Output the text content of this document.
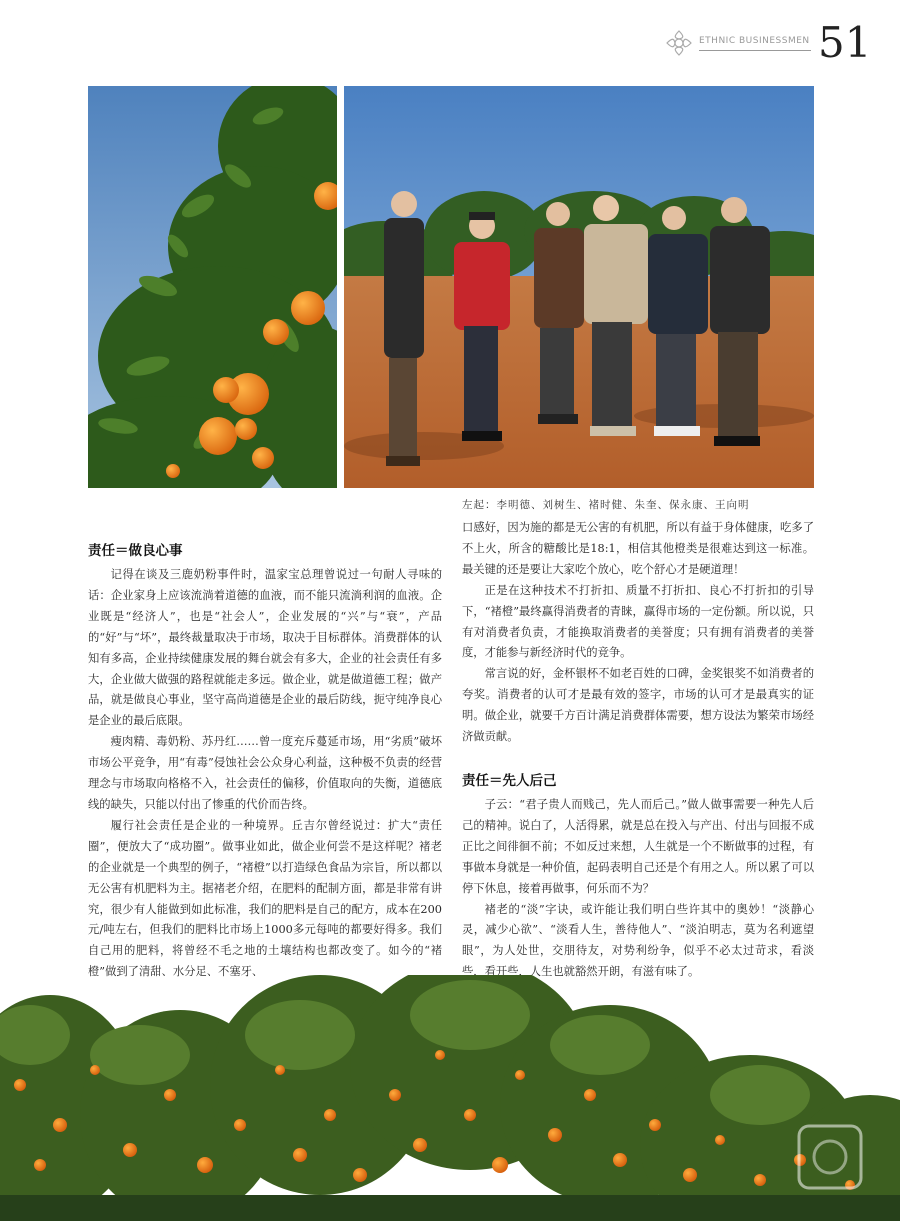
ETHNIC BUSINESSMEN 51
左起：李明德、刘树生、褚时健、朱奎、保永康、王向明
责任＝做良心事

记得在谈及三鹿奶粉事件时，温家宝总理曾说过一句耐人寻味的话：企业家身上应该流淌着道德的血液，而不能只流淌利润的血液。企业既是“经济人”，也是“社会人”，企业发展的“兴”与“衰”，产品的“好”与“坏”，最终裁量取决于市场，取决于目标群体。消费群体的认知有多高，企业持续健康发展的舞台就会有多大，企业的社会责任有多大，企业做大做强的路程就能走多远。做企业，就是做道德工程；做产品，就是做良心事业，坚守高尚道德是企业的最后防线，扼守纯净良心是企业的最后底限。

瘦肉精、毒奶粉、苏丹红……曾一度充斥蔓延市场，用“劣质”破坏市场公平竞争，用“有毒”侵蚀社会公众身心利益，这种极不负责的经营理念与市场取向格格不入，社会责任的偏移，价值取向的失衡，道德底线的缺失，只能以付出了惨重的代价而告终。

履行社会责任是企业的一种境界。丘吉尔曾经说过：扩大“责任圈”，便放大了“成功圈”。做事业如此，做企业何尝不是这样呢？褚老的企业就是一个典型的例子，“褚橙”以打造绿色食品为宗旨，所以都以无公害有机肥料为主。据褚老介绍，在肥料的配制方面，都是非常有讲究，很少有人能做到如此标准，我们的肥料是自己的配方，成本在200元/吨左右，但我们的肥料比市场上1000多元每吨的都要好得多。我们自己用的肥料，将曾经不毛之地的土壤结构也都改变了。如今的“褚橙”做到了清甜、水分足、不塞牙、

口感好，因为施的都是无公害的有机肥，所以有益于身体健康，吃多了不上火，所含的糖酸比是18:1，相信其他橙类是很难达到这一标准。最关键的还是要让大家吃个放心，吃个舒心才是硬道理！

正是在这种技术不打折扣、质量不打折扣、良心不打折扣的引导下，“褚橙”最终赢得消费者的青睐，赢得市场的一定份额。所以说，只有对消费者负责，才能换取消费者的美誉度；只有拥有消费者的美誉度，才能参与新经济时代的竞争。

常言说的好，金杯银杯不如老百姓的口碑，金奖银奖不如消费者的夸奖。消费者的认可才是最有效的签字，市场的认可才是最真实的证明。做企业，就要千方百计满足消费群体需要，想方设法为繁荣市场经济做贡献。

责任＝先人后己

子云：“君子贵人而贱己，先人而后己。”做人做事需要一种先人后己的精神。说白了，人活得累，就是总在投入与产出、付出与回报不成正比之间徘徊不前；不如反过来想，人生就是一个不断做事的过程，有事做本身就是一种价值，起码表明自己还是个有用之人。所以累了可以停下休息，接着再做事，何乐而不为？

褚老的“淡”字诀，或许能让我们明白些许其中的奥妙！“淡静心灵，减少心欲”、“淡看人生，善待他人”、“淡泊明志，莫为名利遮望眼”，为人处世，交朋待友，对势利纷争，似乎不必太过苛求，看淡些，看开些，人生也就豁然开朗，有滋有味了。
